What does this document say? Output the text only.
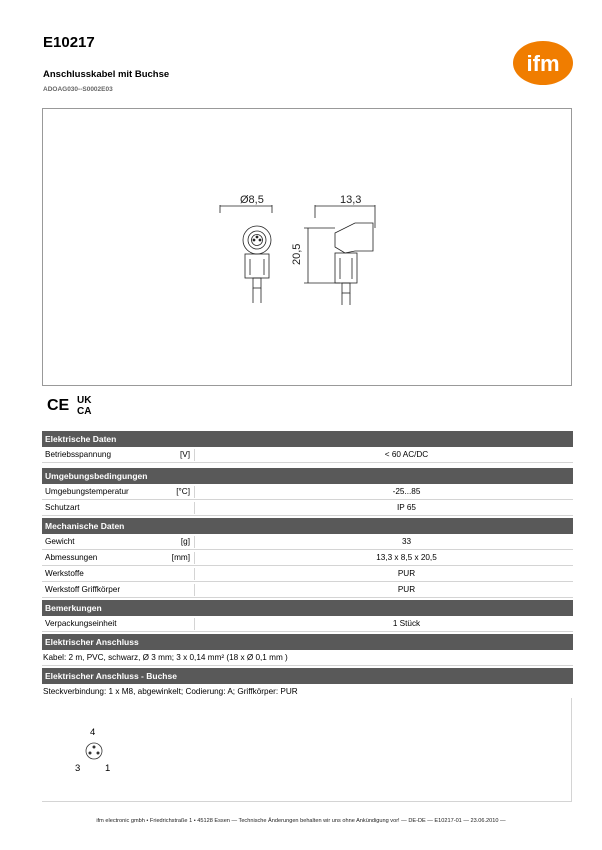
E10217
Anschlusskabel mit Buchse
ADOAG030--S0002E03
ifm
Ø8,5	13,3
20,5
CE UK
CA
Elektrische Daten
Betriebsspannung	[V]	< 60 AC/DC
Umgebungsbedingungen
Umgebungstemperatur	[°C]	-25...85
Schutzart	IP 65
Mechanische Daten
Gewicht	[g]	33
Abmessungen	[mm]	13,3 x 8,5 x 20,5
Werkstoffe	PUR
Werkstoff Griffkörper	PUR
Bemerkungen
Verpackungseinheit	1 Stück
Elektrischer Anschluss
Kabel: 2 m, PVC, schwarz, Ø 3 mm; 3 x 0,14 mm² (18 x Ø 0,1 mm )
Elektrischer Anschluss - Buchse
Steckverbindung: 1 x M8, abgewinkelt; Codierung: A; Griffkörper: PUR
4
3	1
ifm electronic gmbh • Friedrichstraße 1 • 45128 Essen — Technische Änderungen behalten wir uns ohne Ankündigung vor! — DE-DE — E10217-01 — 23.06.2010 —
